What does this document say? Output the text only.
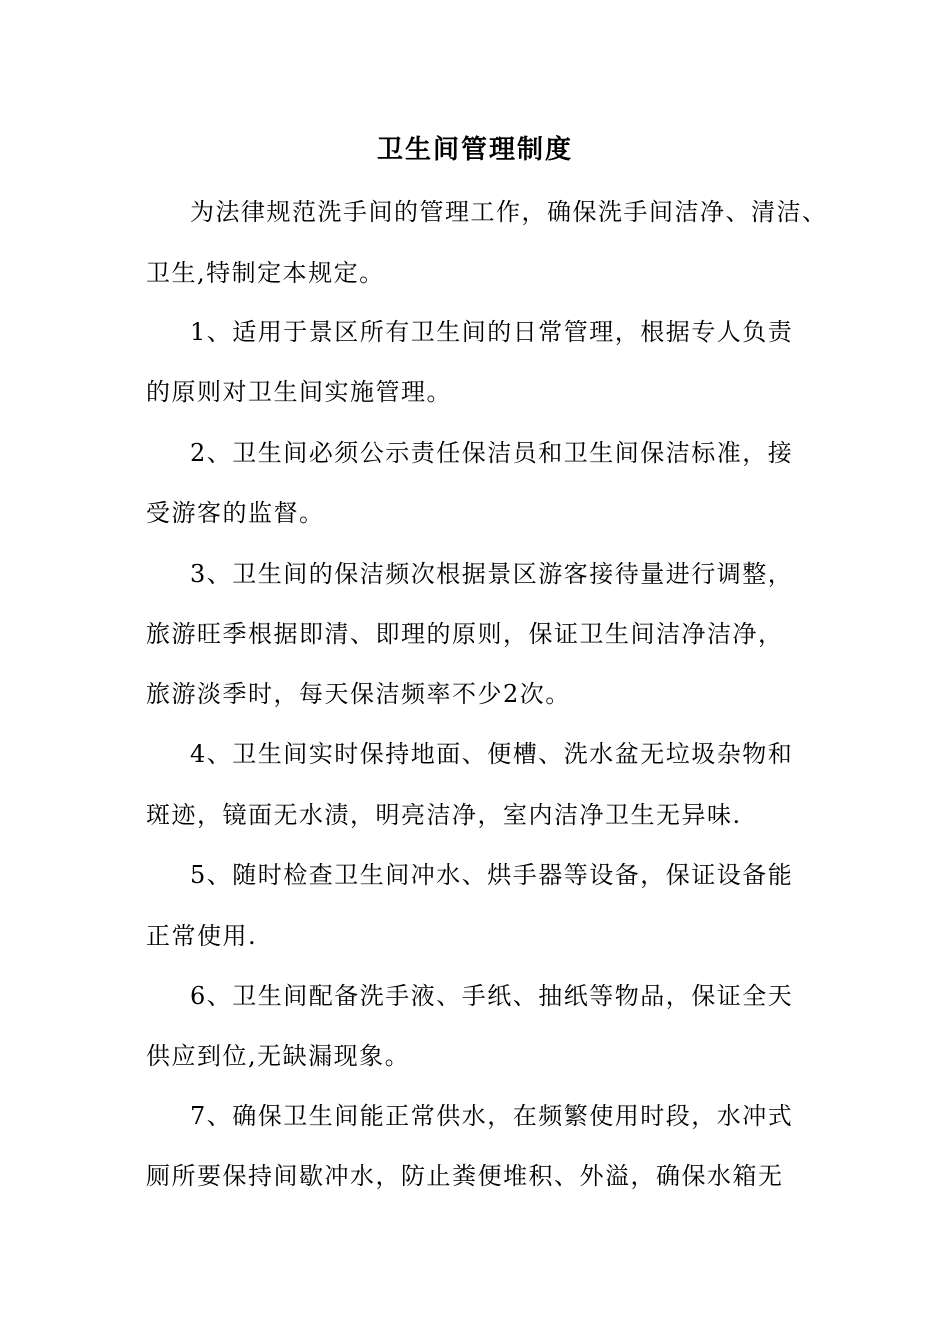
卫生间管理制度

为法律规范洗手间的管理工作，确保洗手间洁净、清洁、

卫生,特制定本规定。

1、适用于景区所有卫生间的日常管理，根据专人负责

的原则对卫生间实施管理。

2、卫生间必须公示责任保洁员和卫生间保洁标准，接

受游客的监督。

3、卫生间的保洁频次根据景区游客接待量进行调整，

旅游旺季根据即清、即理的原则，保证卫生间洁净洁净，

旅游淡季时，每天保洁频率不少2次。

4、卫生间实时保持地面、便槽、洗水盆无垃圾杂物和

斑迹，镜面无水渍，明亮洁净，室内洁净卫生无异味.

5、随时检查卫生间冲水、烘手器等设备，保证设备能

正常使用.

6、卫生间配备洗手液、手纸、抽纸等物品，保证全天

供应到位,无缺漏现象。

7、确保卫生间能正常供水，在频繁使用时段，水冲式

厕所要保持间歇冲水，防止粪便堆积、外溢，确保水箱无
